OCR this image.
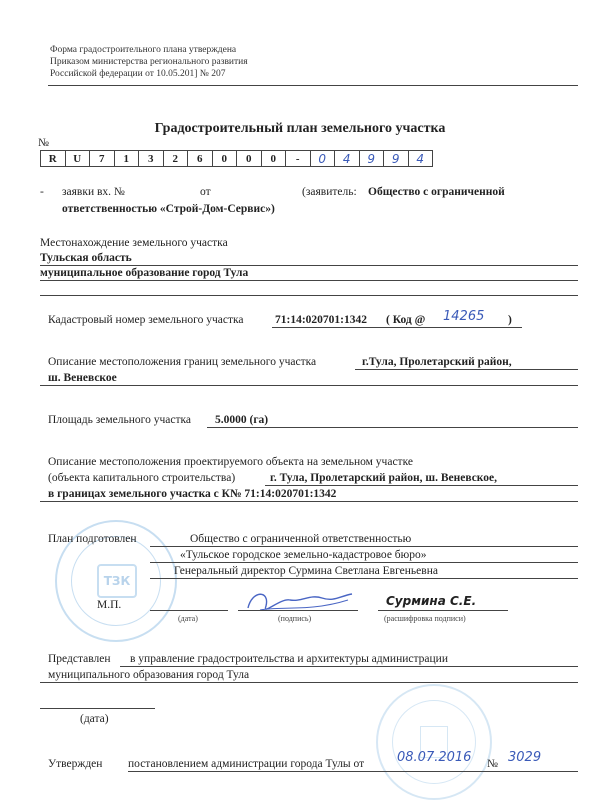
Форма градостроительного плана утверждена
Приказом министерства регионального развития
Российской федерации от 10.05.201] № 207
Градостроительный план земельного участка
№
R	U	7	1	3	2	6	0	0	0	-	0	4	9	9	4
- заявки вх. №	от	(заявитель: Общество с ограниченной
ответственностью «Строй-Дом-Сервис»)
Местонахождение земельного участка
Тульская область
муниципальное образование город Тула
Кадастровый номер земельного участка	71:14:020701:1342 ( Код @ 14265 )
Описание местоположения границ земельного участка	г.Тула, Пролетарский район,
ш. Веневское
Площадь земельного участка 5.0000 (га)
Описание местоположения проектируемого объекта на земельном участке
(объекта капитального строительства)	г. Тула, Пролетарский район, ш. Веневское,
в границах земельного участка с К№ 71:14:020701:1342
ТЗК
План подготовлен	Общество с ограниченной ответственностью
«Тульское городское земельно-кадастровое бюро»
Генеральный директор Сурмина Светлана Евгеньевна
М.П.
(дата)	(подпись)
Сурмина С.Е.
(расшифровка подписи)
Представлен в управление градостроительства и архитектуры администрации
муниципального образования город Тула
(дата)
Утвержден постановлением администрации города Тулы от	08.07.2016 № 3029
